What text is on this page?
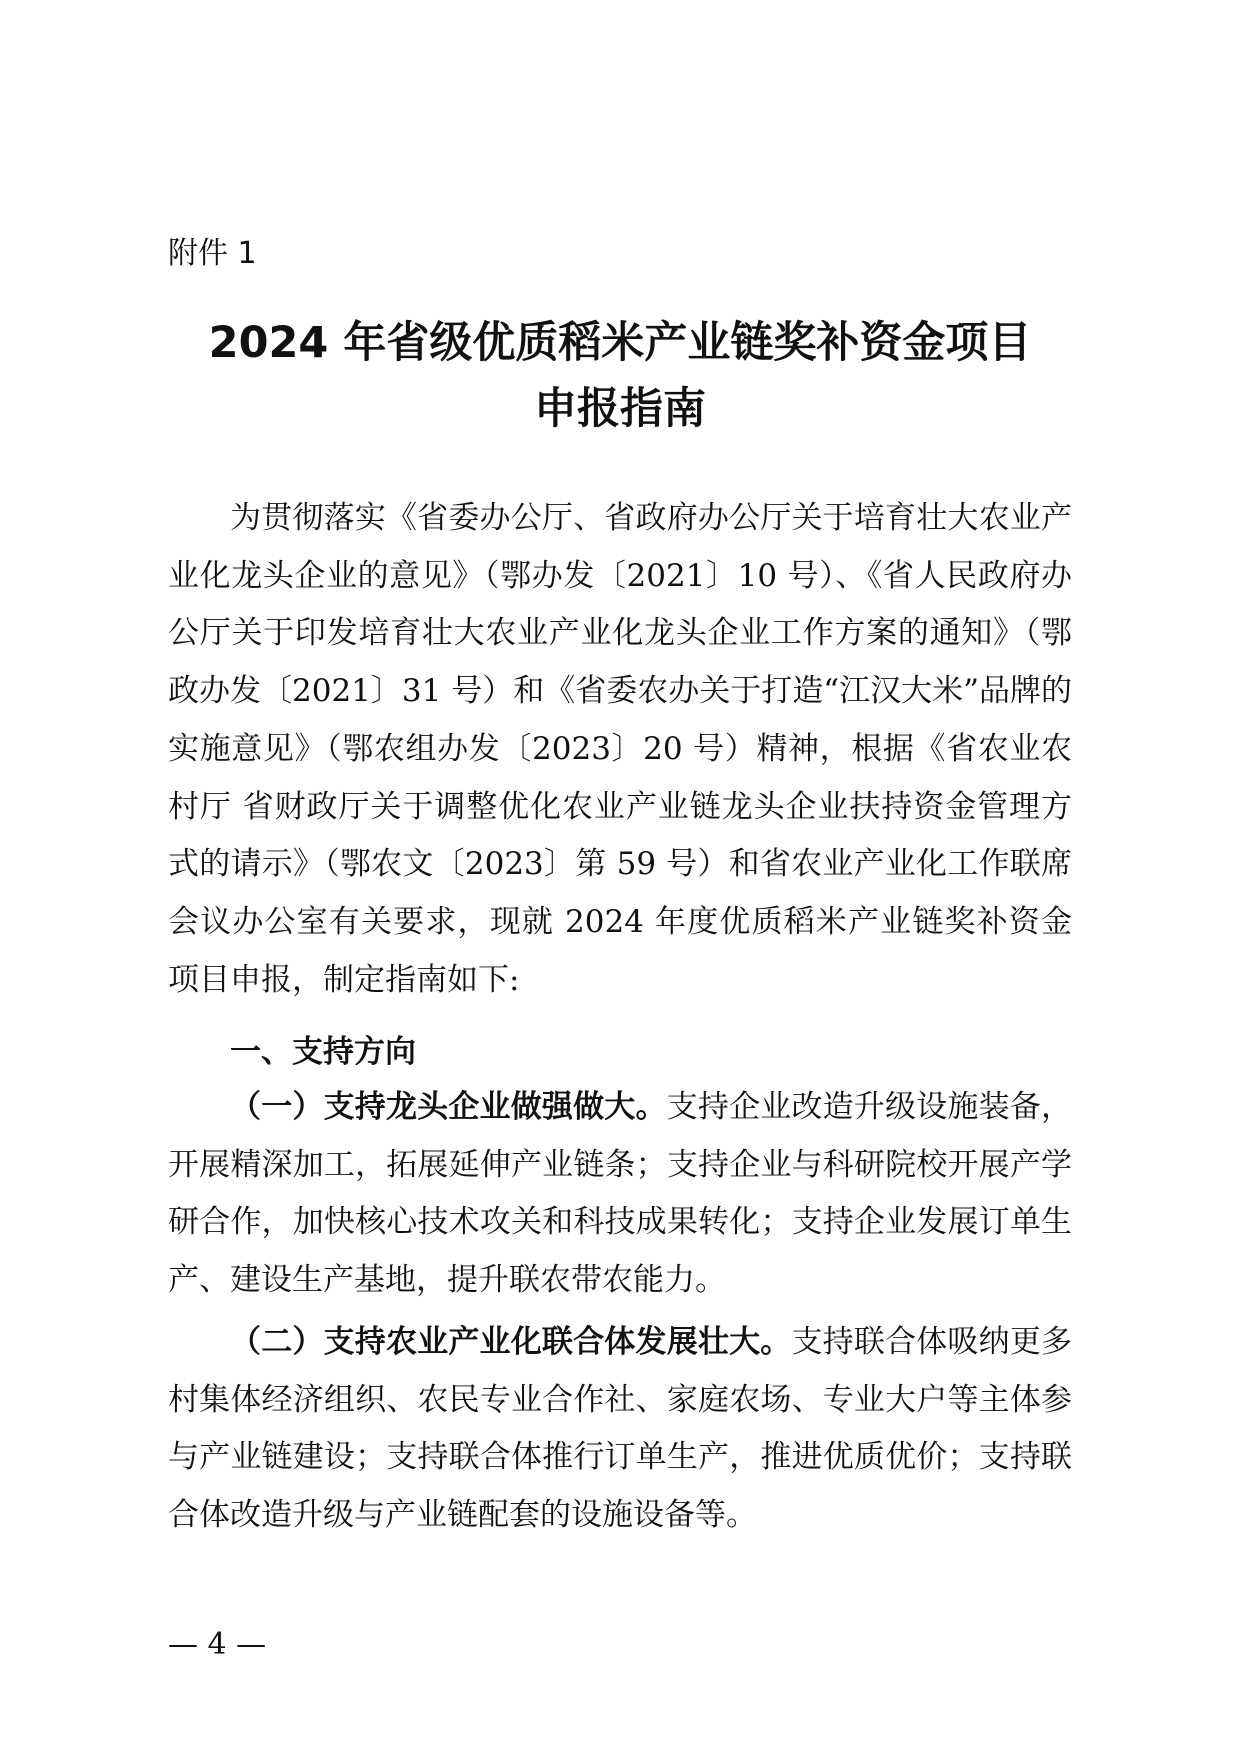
附件 1

2024 年省级优质稻米产业链奖补资金项目
申报指南

为贯彻落实《省委办公厅、省政府办公厅关于培育壮大农业产业化龙头企业的意见》（鄂办发〔2021〕10 号）、《省人民政府办公厅关于印发培育壮大农业产业化龙头企业工作方案的通知》（鄂政办发〔2021〕31 号）和《省委农办关于打造“江汉大米”品牌的实施意见》（鄂农组办发〔2023〕20 号）精神，根据《省农业农村厅 省财政厅关于调整优化农业产业链龙头企业扶持资金管理方式的请示》（鄂农文〔2023〕第 59 号）和省农业产业化工作联席会议办公室有关要求，现就 2024 年度优质稻米产业链奖补资金项目申报，制定指南如下:

一、支持方向

（一）支持龙头企业做强做大。支持企业改造升级设施装备，开展精深加工，拓展延伸产业链条；支持企业与科研院校开展产学研合作，加快核心技术攻关和科技成果转化；支持企业发展订单生产、建设生产基地，提升联农带农能力。

（二）支持农业产业化联合体发展壮大。支持联合体吸纳更多村集体经济组织、农民专业合作社、家庭农场、专业大户等主体参与产业链建设；支持联合体推行订单生产，推进优质优价；支持联合体改造升级与产业链配套的设施设备等。

— 4 —
